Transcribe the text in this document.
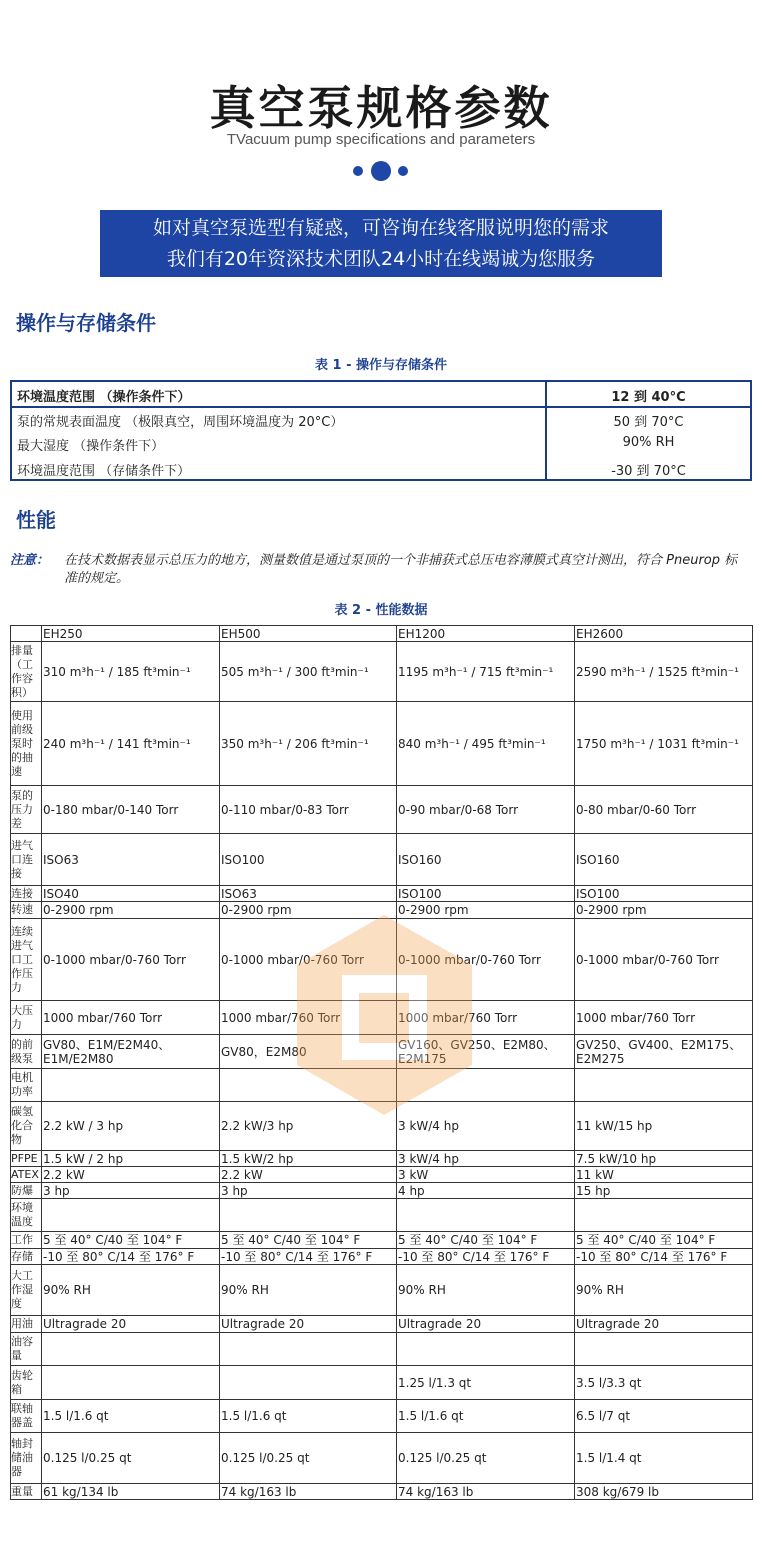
真空泵规格参数
TVacuum pump specifications and parameters
如对真空泵选型有疑惑，可咨询在线客服说明您的需求
我们有20年资深技术团队24小时在线竭诚为您服务
操作与存储条件
表 1 - 操作与存储条件
环境温度范围 （操作条件下）	12 到 40°C
泵的常规表面温度 （极限真空，周围环境温度为 20°C）	50 到 70°C
最大湿度 （操作条件下）	90% RH
环境温度范围 （存储条件下）	-30 到 70°C
性能
注意： 在技术数据表显示总压力的地方，测量数值是通过泵顶的一个非捕获式总压电容薄膜式真空计测出，符合 Pneurop 标准的规定。
表 2 - 性能数据
	EH250	EH500	EH1200	EH2600
排量（工作容积）	310 m³h⁻¹ / 185 ft³min⁻¹	505 m³h⁻¹ / 300 ft³min⁻¹	1195 m³h⁻¹ / 715 ft³min⁻¹	2590 m³h⁻¹ / 1525 ft³min⁻¹
使用前级泵时的抽速	240 m³h⁻¹ / 141 ft³min⁻¹	350 m³h⁻¹ / 206 ft³min⁻¹	840 m³h⁻¹ / 495 ft³min⁻¹	1750 m³h⁻¹ / 1031 ft³min⁻¹
泵的压力差	0-180 mbar/0-140 Torr	0-110 mbar/0-83 Torr	0-90 mbar/0-68 Torr	0-80 mbar/0-60 Torr
进气口连接	ISO63	ISO100	ISO160	ISO160
连接	ISO40	ISO63	ISO100	ISO100
转速	0-2900 rpm	0-2900 rpm	0-2900 rpm	0-2900 rpm
连续进气口工作压力	0-1000 mbar/0-760 Torr	0-1000 mbar/0-760 Torr	0-1000 mbar/0-760 Torr	0-1000 mbar/0-760 Torr
大压力	1000 mbar/760 Torr	1000 mbar/760 Torr	1000 mbar/760 Torr	1000 mbar/760 Torr
的前级泵	GV80、E1M/E2M40、E1M/E2M80	GV80，E2M80	GV160、GV250、E2M80、E2M175	GV250、GV400、E2M175、E2M275
电机功率				
碳氢化合物	2.2 kW / 3 hp	2.2 kW/3 hp	3 kW/4 hp	11 kW/15 hp
PFPE	1.5 kW / 2 hp	1.5 kW/2 hp	3 kW/4 hp	7.5 kW/10 hp
ATEX	2.2 kW	2.2 kW	3 kW	11 kW
防爆	3 hp	3 hp	4 hp	15 hp
环境温度				
工作	5 至 40° C/40 至 104° F	5 至 40° C/40 至 104° F	5 至 40° C/40 至 104° F	5 至 40° C/40 至 104° F
存储	-10 至 80° C/14 至 176° F	-10 至 80° C/14 至 176° F	-10 至 80° C/14 至 176° F	-10 至 80° C/14 至 176° F
大工作湿度	90% RH	90% RH	90% RH	90% RH
用油	Ultragrade 20	Ultragrade 20	Ultragrade 20	Ultragrade 20
油容量				
齿轮箱			1.25 l/1.3 qt	3.5 l/3.3 qt
联轴器盖	1.5 l/1.6 qt	1.5 l/1.6 qt	1.5 l/1.6 qt	6.5 l/7 qt
轴封储油器	0.125 l/0.25 qt	0.125 l/0.25 qt	0.125 l/0.25 qt	1.5 l/1.4 qt
重量	61 kg/134 lb	74 kg/163 lb	74 kg/163 lb	308 kg/679 lb
